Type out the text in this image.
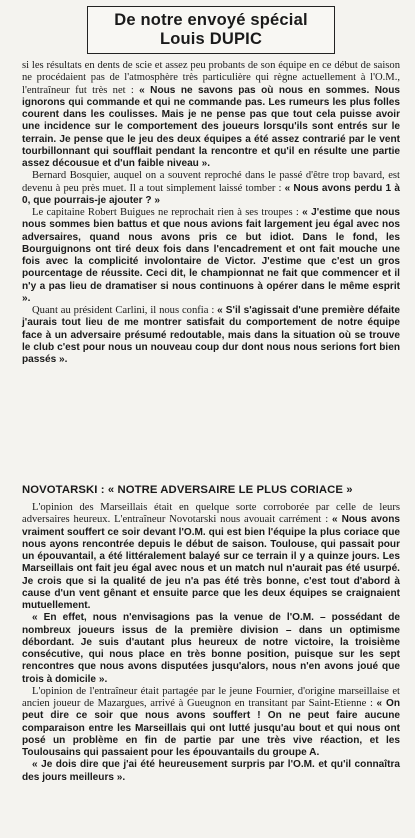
De notre envoyé spécial
Louis DUPIC

si les résultats en dents de scie et assez peu probants de son équipe en ce début de saison ne procédaient pas de l'atmosphère très particulière qui règne actuellement à l'O.M., l'entraîneur fut très net : « Nous ne savons pas où nous en sommes. Nous ignorons qui commande et qui ne commande pas. Les rumeurs les plus folles courent dans les coulisses. Mais je ne pense pas que tout cela puisse avoir une incidence sur le comportement des joueurs lorsqu'ils sont entrés sur le terrain. Je pense que le jeu des deux équipes a été assez contrarié par le vent tourbillonnant qui soufflait pendant la rencontre et qu'il en résulte une partie assez décousue et d'un faible niveau ».

Bernard Bosquier, auquel on a souvent reproché dans le passé d'être trop bavard, est devenu à peu près muet. Il a tout simplement laissé tomber : « Nous avons perdu 1 à 0, que pourrais-je ajouter ? »

Le capitaine Robert Buigues ne reprochait rien à ses troupes : « J'estime que nous nous sommes bien battus et que nous avions fait largement jeu égal avec nos adversaires, quand nous avons pris ce but idiot. Dans le fond, les Bourguignons ont tiré deux fois dans l'encadrement et ont fait mouche une fois avec la complicité involontaire de Victor. J'estime que c'est un gros pourcentage de réussite. Ceci dit, le championnat ne fait que commencer et il n'y a pas lieu de dramatiser si nous continuons à opérer dans le même esprit ».

Quant au président Carlini, il nous confia : « S'il s'agissait d'une première défaite j'aurais tout lieu de me montrer satisfait du comportement de notre équipe face à un adversaire présumé redoutable, mais dans la situation où se trouve le club c'est pour nous un nouveau coup dur dont nous nous serions fort bien passés ».

NOVOTARSKI : « NOTRE ADVERSAIRE LE PLUS CORIACE »

L'opinion des Marseillais était en quelque sorte corroborée par celle de leurs adversaires heureux. L'entraîneur Novotarski nous avouait carrément : « Nous avons vraiment souffert ce soir devant l'O.M. qui est bien l'équipe la plus coriace que nous ayons rencontrée depuis le début de saison. Toulouse, qui passait pour un épouvantail, a été littéralement balayé sur ce terrain il y a quinze jours. Les Marseillais ont fait jeu égal avec nous et un match nul n'aurait pas été usurpé. Je crois que si la qualité de jeu n'a pas été très bonne, c'est tout d'abord à cause d'un vent gênant et ensuite parce que les deux équipes se craignaient mutuellement.

« En effet, nous n'envisagions pas la venue de l'O.M. – possédant de nombreux joueurs issus de la première division – dans un optimisme débordant. Je suis d'autant plus heureux de notre victoire, la troisième consécutive, qui nous place en très bonne position, puisque sur les sept rencontres que nous avons disputées jusqu'alors, nous n'en avons joué que trois à domicile ».

L'opinion de l'entraîneur était partagée par le jeune Fournier, d'origine marseillaise et ancien joueur de Mazargues, arrivé à Gueugnon en transitant par Saint-Etienne : « On peut dire ce soir que nous avons souffert ! On ne peut faire aucune comparaison entre les Marseillais qui ont lutté jusqu'au bout et qui nous ont posé un problème en fin de partie par une très vive réaction, et les Toulousains qui passaient pour les épouvantails du groupe A.

« Je dois dire que j'ai été heureusement surpris par l'O.M. et qu'il connaîtra des jours meilleurs ».
